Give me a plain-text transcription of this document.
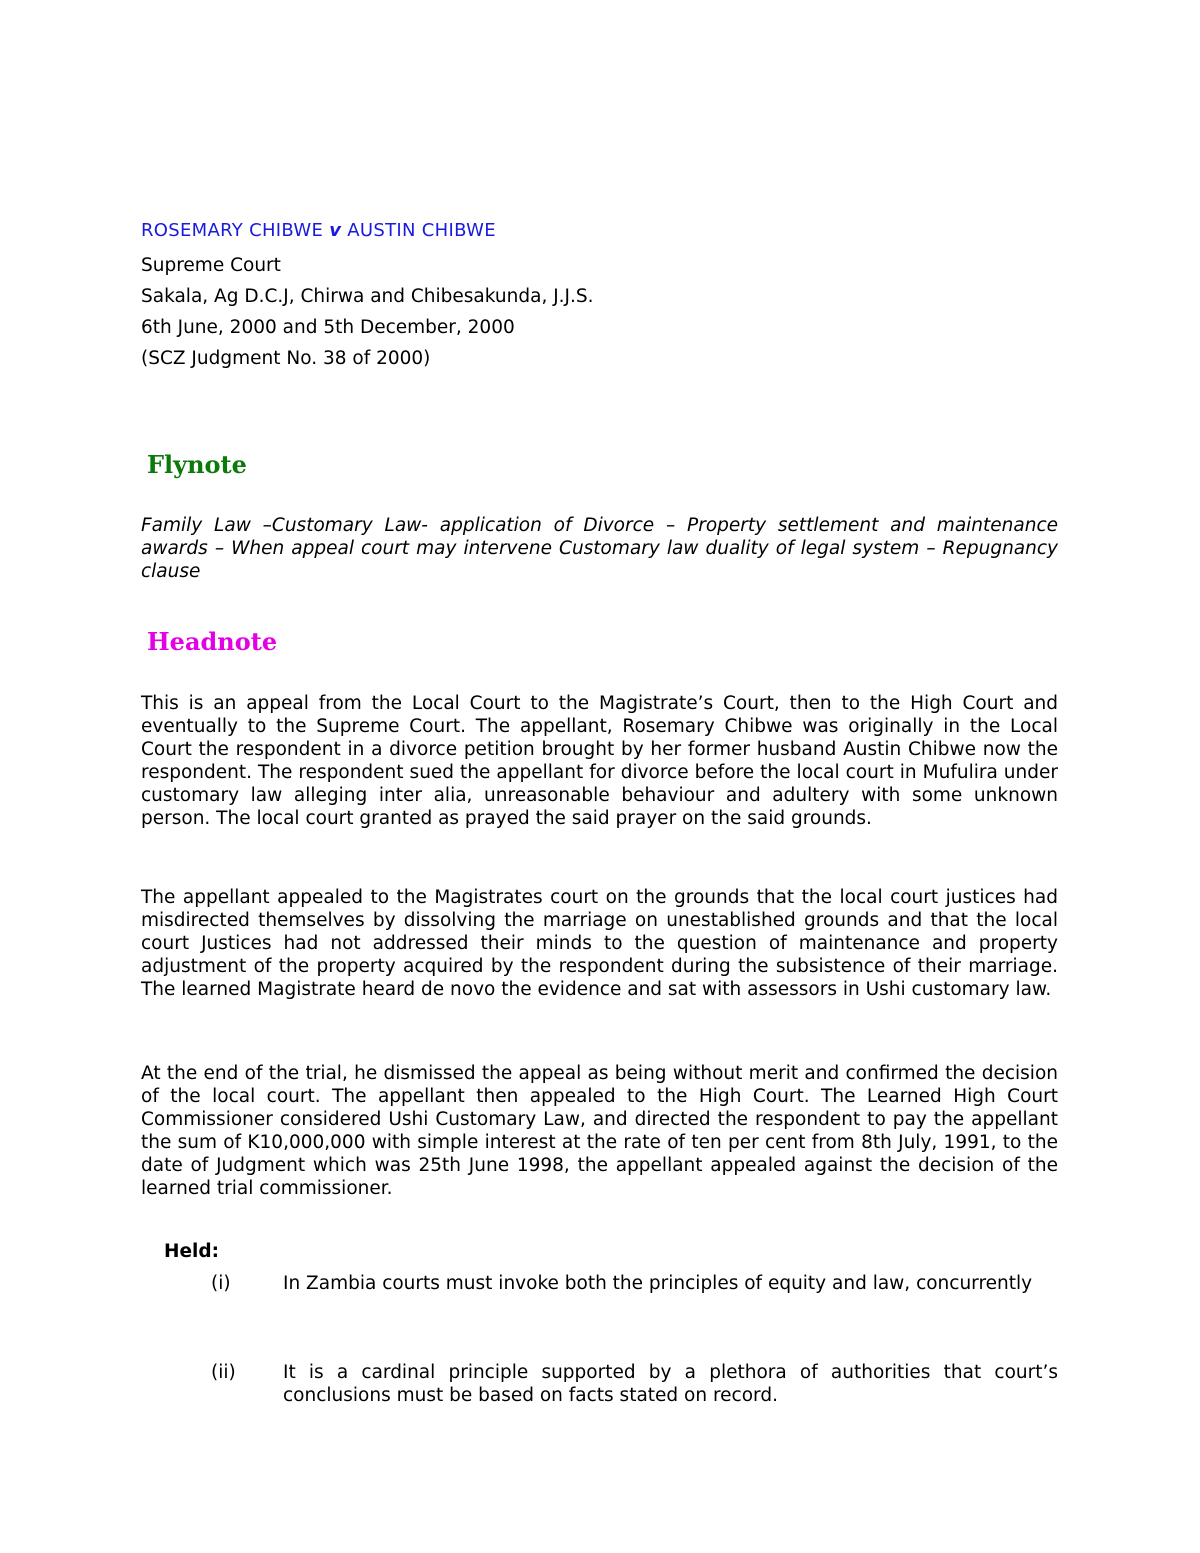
ROSEMARY CHIBWE v AUSTIN CHIBWE

Supreme Court
Sakala, Ag D.C.J, Chirwa and Chibesakunda, J.J.S.
6th June, 2000 and 5th December, 2000
(SCZ Judgment No. 38 of 2000)
Flynote

Family Law –Customary Law- application of Divorce – Property settlement and maintenance awards – When appeal court may intervene Customary law duality of legal system – Repugnancy clause

Headnote

This is an appeal from the Local Court to the Magistrate’s Court, then to the High Court and eventually to the Supreme Court. The appellant, Rosemary Chibwe was originally in the Local Court the respondent in a divorce petition brought by her former husband Austin Chibwe now the respondent. The respondent sued the appellant for divorce before the local court in Mufulira under customary law alleging inter alia, unreasonable behaviour and adultery with some unknown person. The local court granted as prayed the said prayer on the said grounds.

The appellant appealed to the Magistrates court on the grounds that the local court justices had misdirected themselves by dissolving the marriage on unestablished grounds and that the local court Justices had not addressed their minds to the question of maintenance and property adjustment of the property acquired by the respondent during the subsistence of their marriage. The learned Magistrate heard de novo the evidence and sat with assessors in Ushi customary law.

At the end of the trial, he dismissed the appeal as being without merit and confirmed the decision of the local court. The appellant then appealed to the High Court. The Learned High Court Commissioner considered Ushi Customary Law, and directed the respondent to pay the appellant the sum of K10,000,000 with simple interest at the rate of ten per cent from 8th July, 1991, to the date of Judgment which was 25th June 1998, the appellant appealed against the decision of the learned trial commissioner.

Held:

(i)	In Zambia courts must invoke both the principles of equity and law, concurrently
(ii)	It is a cardinal principle supported by a plethora of authorities that court’s conclusions must be based on facts stated on record.
